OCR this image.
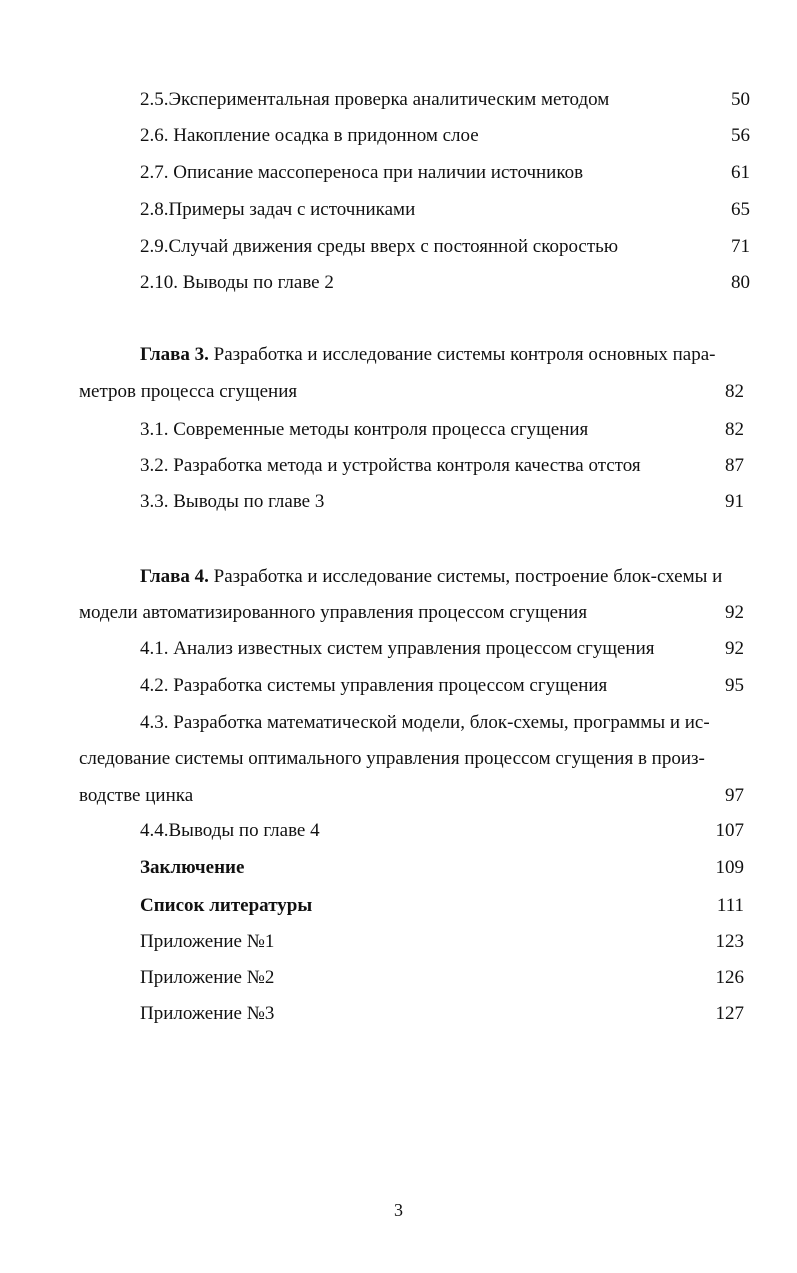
2.5.Экспериментальная проверка аналитическим методом	50
2.6. Накопление осадка в придонном слое	56
2.7. Описание массопереноса при наличии источников	61
2.8.Примеры задач с источниками	65
2.9.Случай движения среды вверх с постоянной скоростью	71
2.10. Выводы по главе 2	80
Глава 3. Разработка и исследование системы контроля основных пара-
метров процесса сгущения	82
3.1. Современные методы контроля процесса сгущения	82
3.2. Разработка метода и устройства контроля качества отстоя	87
3.3. Выводы по главе 3	91
Глава 4. Разработка и исследование системы, построение блок-схемы и
модели автоматизированного управления процессом сгущения	92
4.1. Анализ известных систем управления процессом сгущения	92
4.2. Разработка системы управления процессом сгущения	95
4.3. Разработка математической модели, блок-схемы, программы и ис-
следование системы оптимального управления процессом сгущения в произ-
водстве цинка	97
4.4.Выводы по главе 4	107
Заключение	109
Список литературы	111
Приложение №1	123
Приложение №2	126
Приложение №3	127
3
